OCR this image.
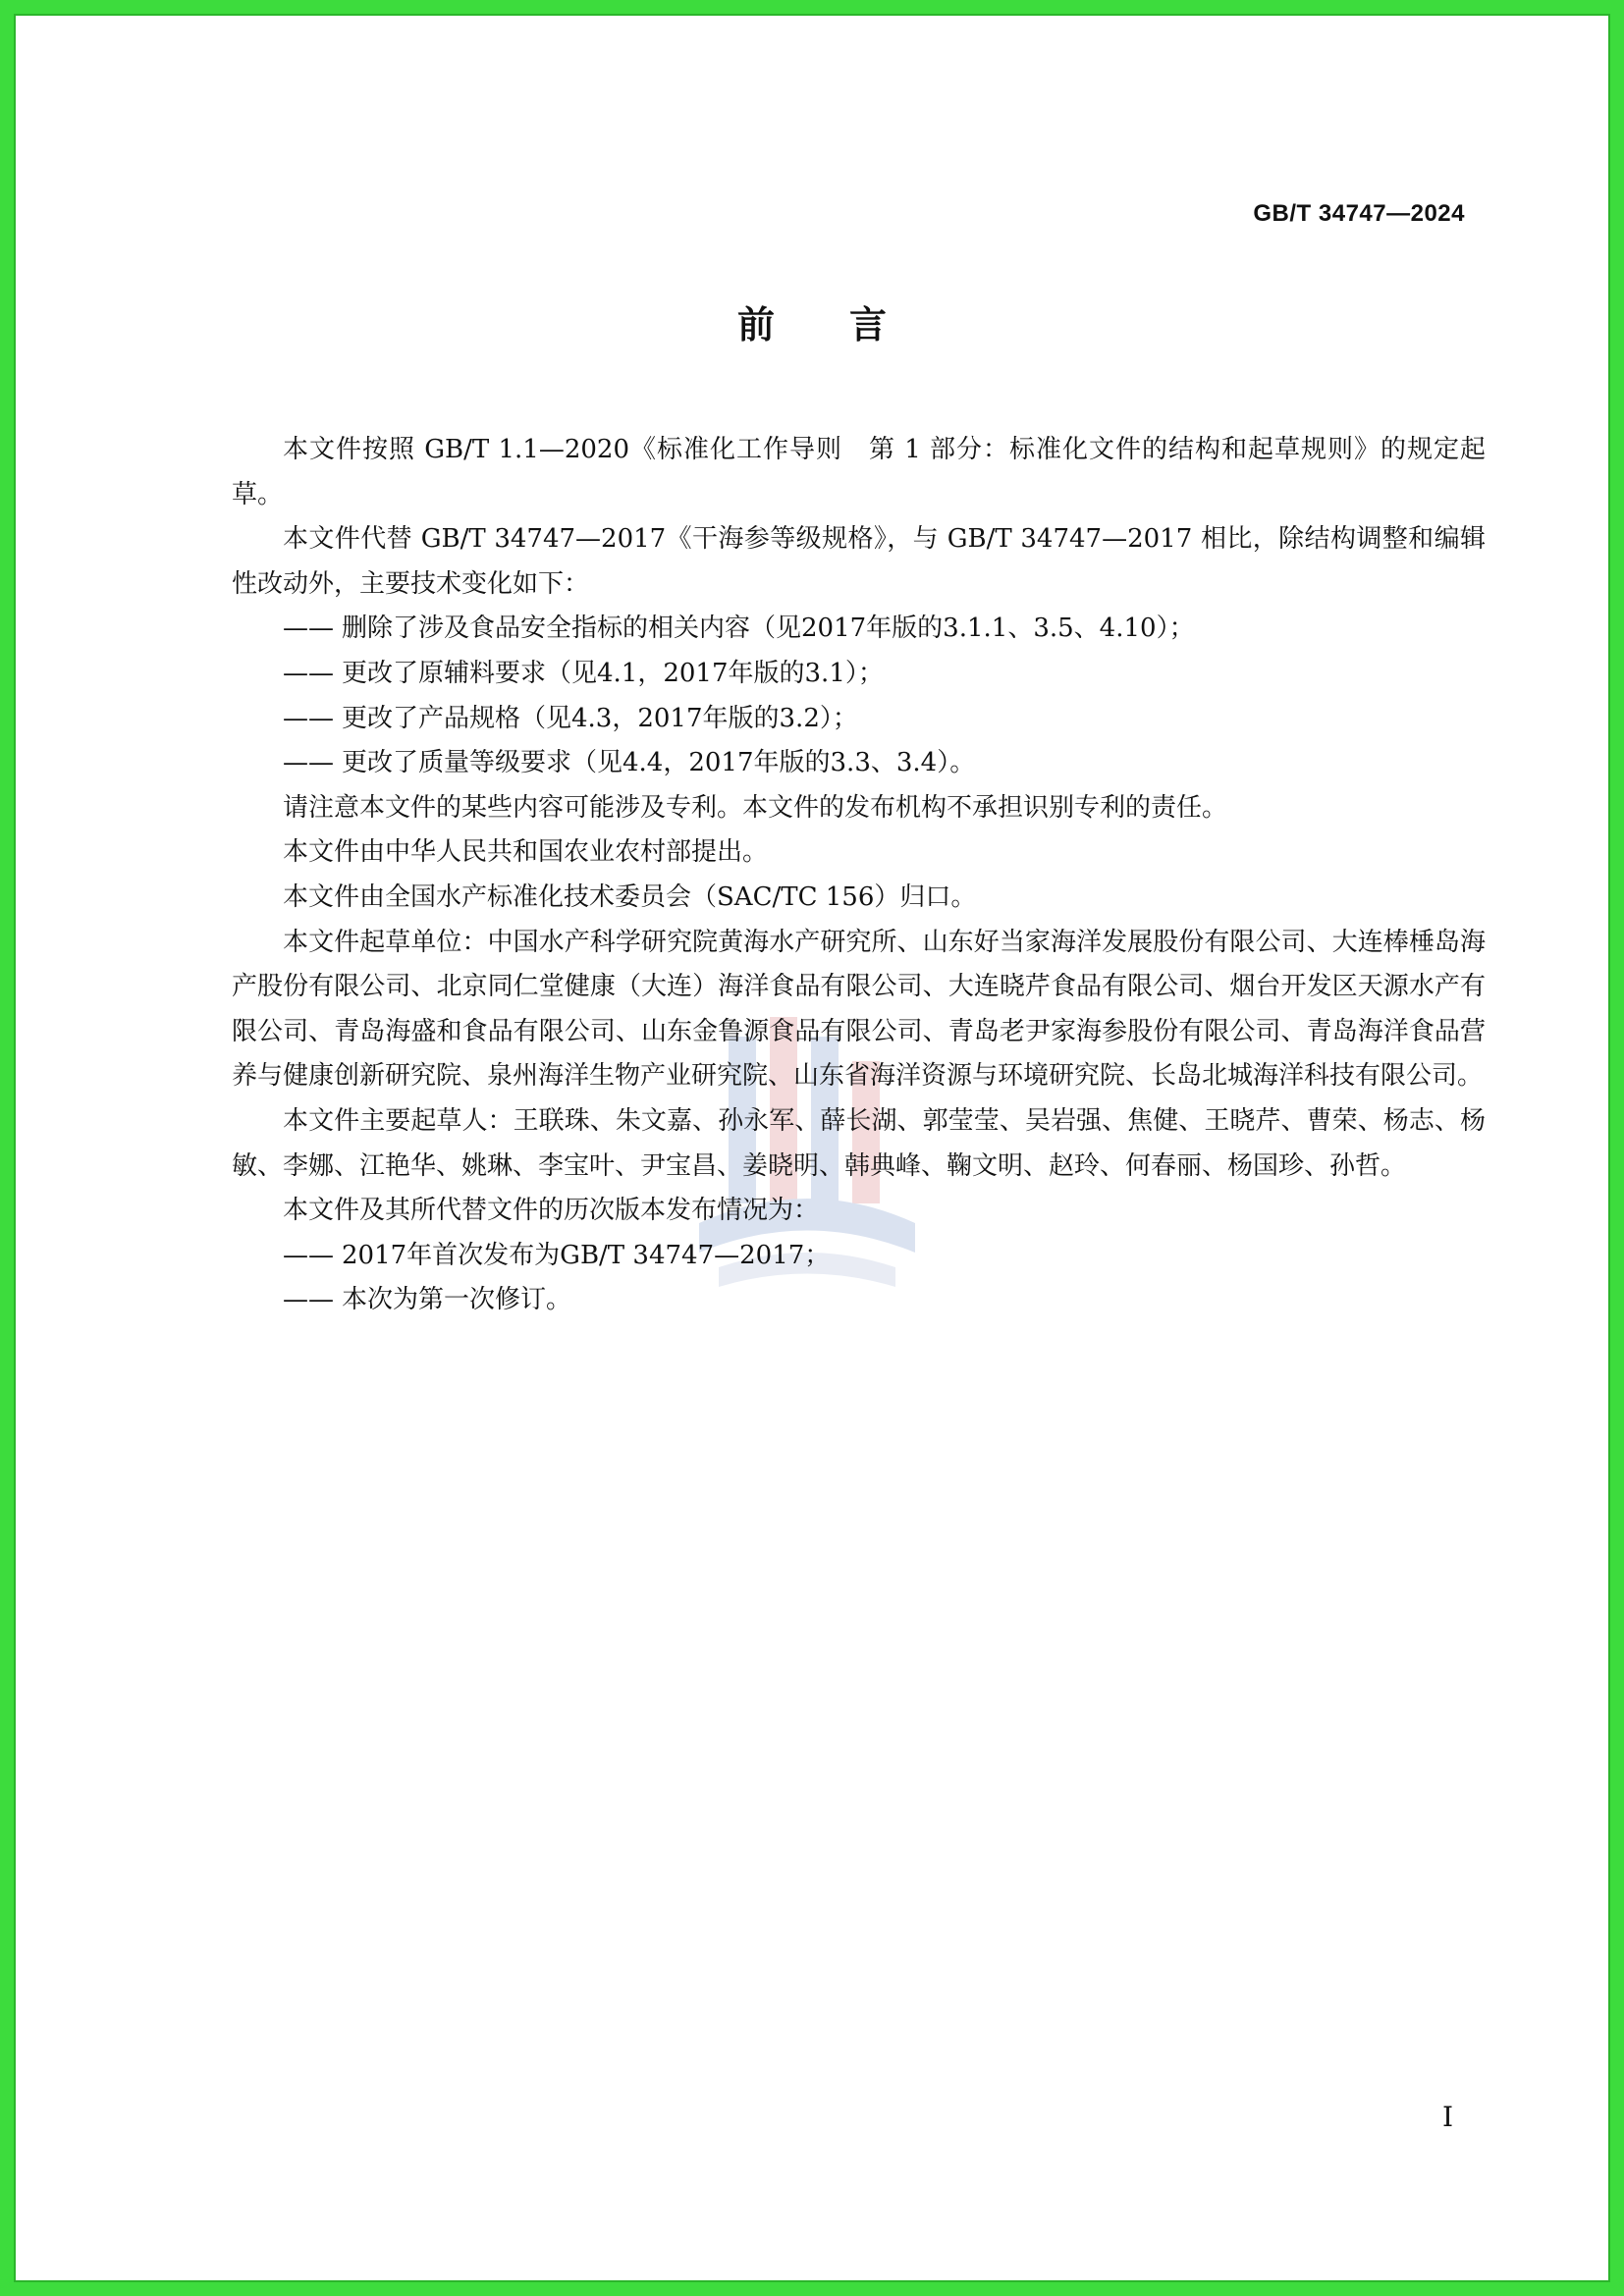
GB/T 34747—2024
前 言

本文件按照 GB/T 1.1—2020《标准化工作导则　第 1 部分：标准化文件的结构和起草规则》的规定起草。

本文件代替 GB/T 34747—2017《干海参等级规格》，与 GB/T 34747—2017 相比，除结构调整和编辑性改动外，主要技术变化如下：

—— 删除了涉及食品安全指标的相关内容（见2017年版的3.1.1、3.5、4.10）；

—— 更改了原辅料要求（见4.1，2017年版的3.1）；

—— 更改了产品规格（见4.3，2017年版的3.2）；

—— 更改了质量等级要求（见4.4，2017年版的3.3、3.4）。

请注意本文件的某些内容可能涉及专利。本文件的发布机构不承担识别专利的责任。

本文件由中华人民共和国农业农村部提出。

本文件由全国水产标准化技术委员会（SAC/TC 156）归口。

本文件起草单位：中国水产科学研究院黄海水产研究所、山东好当家海洋发展股份有限公司、大连棒棰岛海产股份有限公司、北京同仁堂健康（大连）海洋食品有限公司、大连晓芹食品有限公司、烟台开发区天源水产有限公司、青岛海盛和食品有限公司、山东金鲁源食品有限公司、青岛老尹家海参股份有限公司、青岛海洋食品营养与健康创新研究院、泉州海洋生物产业研究院、山东省海洋资源与环境研究院、长岛北城海洋科技有限公司。

本文件主要起草人：王联珠、朱文嘉、孙永军、薛长湖、郭莹莹、吴岩强、焦健、王晓芹、曹荣、杨志、杨敏、李娜、江艳华、姚琳、李宝叶、尹宝昌、姜晓明、韩典峰、鞠文明、赵玲、何春丽、杨国珍、孙哲。

本文件及其所代替文件的历次版本发布情况为：

—— 2017年首次发布为GB/T 34747—2017；

—— 本次为第一次修订。

I
